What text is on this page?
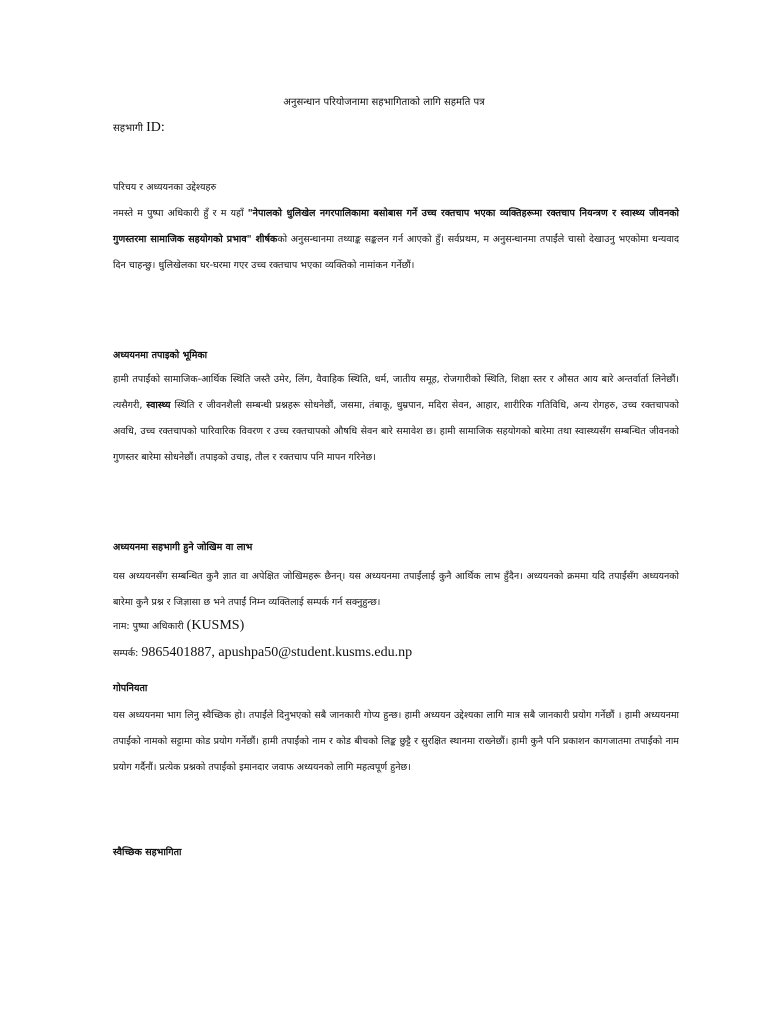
अनुसन्धान परियोजनामा सहभागिताको लागि सहमति पत्र
सहभागी ID:
परिचय र अध्ययनका उद्देश्यहरु
नमस्ते म पुष्पा अधिकारी हुँ र म यहाँ "नेपालको धुलिखेल नगरपालिकामा बसोबास गर्ने उच्च रक्तचाप भएका व्यक्तिहरूमा रक्तचाप नियन्त्रण र स्वास्थ्य जीवनको गुणस्तरमा सामाजिक सहयोगको प्रभाव" शीर्षकको अनुसन्धानमा तथ्याङ्क सङ्कलन गर्न आएको हुँ। सर्वप्रथम, म अनुसन्धानमा तपाईंले चासो देखाउनु भएकोमा धन्यवाद दिन चाहन्छु। धुलिखेलका घर-घरमा गएर उच्च रक्तचाप भएका व्यक्तिको नामांकन गर्नेछौं।
अध्ययनमा तपाइको भूमिका
हामी तपाईंको सामाजिक-आर्थिक स्थिति जस्तै उमेर, लिंग, वैवाहिक स्थिति, धर्म, जातीय समूह, रोजगारीको स्थिति, शिक्षा स्तर र औसत आय बारे अन्तर्वार्ता लिनेछौं। त्यसैगरी, स्वास्थ्य स्थिति र जीवनशैली सम्बन्धी प्रश्नहरू सोधनेछौं, जसमा, तंबाकू, धुम्रपान, मदिरा सेवन, आहार, शारीरिक गतिविधि, अन्य रोगहरु, उच्च रक्तचापको अवधि, उच्च रक्तचापको पारिवारिक विवरण र उच्च रक्तचापको औषधि सेवन बारे समावेश छ। हामी सामाजिक सहयोगको बारेमा तथा स्वास्थ्यसँग सम्बन्धित जीवनको गुणस्तर बारेमा सोधनेछौं। तपाइको उचाइ, तौल र रक्तचाप पनि मापन गरिनेछ।
अध्ययनमा सहभागी हुने जोखिम वा लाभ
यस अध्ययनसँग सम्बन्धित कुनै ज्ञात वा अपेक्षित जोखिमहरू छैनन्। यस अध्ययनमा तपाईंलाई कुनै आर्थिक लाभ हुँदैन। अध्ययनको क्रममा यदि तपाईंसँग अध्ययनको बारेमा कुनै प्रश्न र जिज्ञासा छ भने तपाईं निम्न व्यक्तिलाई सम्पर्क गर्न सक्नुहुन्छ।
नाम: पुष्पा अधिकारी (KUSMS)
सम्पर्क: 9865401887, apushpa50@student.kusms.edu.np
गोपनियता
यस अध्ययनमा भाग लिनु स्वैच्छिक हो। तपाईंले दिनुभएको सबै जानकारी गोप्य हुन्छ। हामी अध्ययन उद्देश्यका लागि मात्र सबै जानकारी प्रयोग गर्नेछौं । हामी अध्ययनमा तपाईंको नामको सट्टामा कोड प्रयोग गर्नेछौं। हामी तपाईंको नाम र कोड बीचको लिङ्क छुट्टै र सुरक्षित स्थानमा राख्नेछौं। हामी कुनै पनि प्रकाशन कागजातमा तपाईंको नाम प्रयोग गर्दैनौं। प्रत्येक प्रश्नको तपाईंको इमानदार जवाफ अध्ययनको लागि महत्वपूर्ण हुनेछ।
स्वैच्छिक सहभागिता
